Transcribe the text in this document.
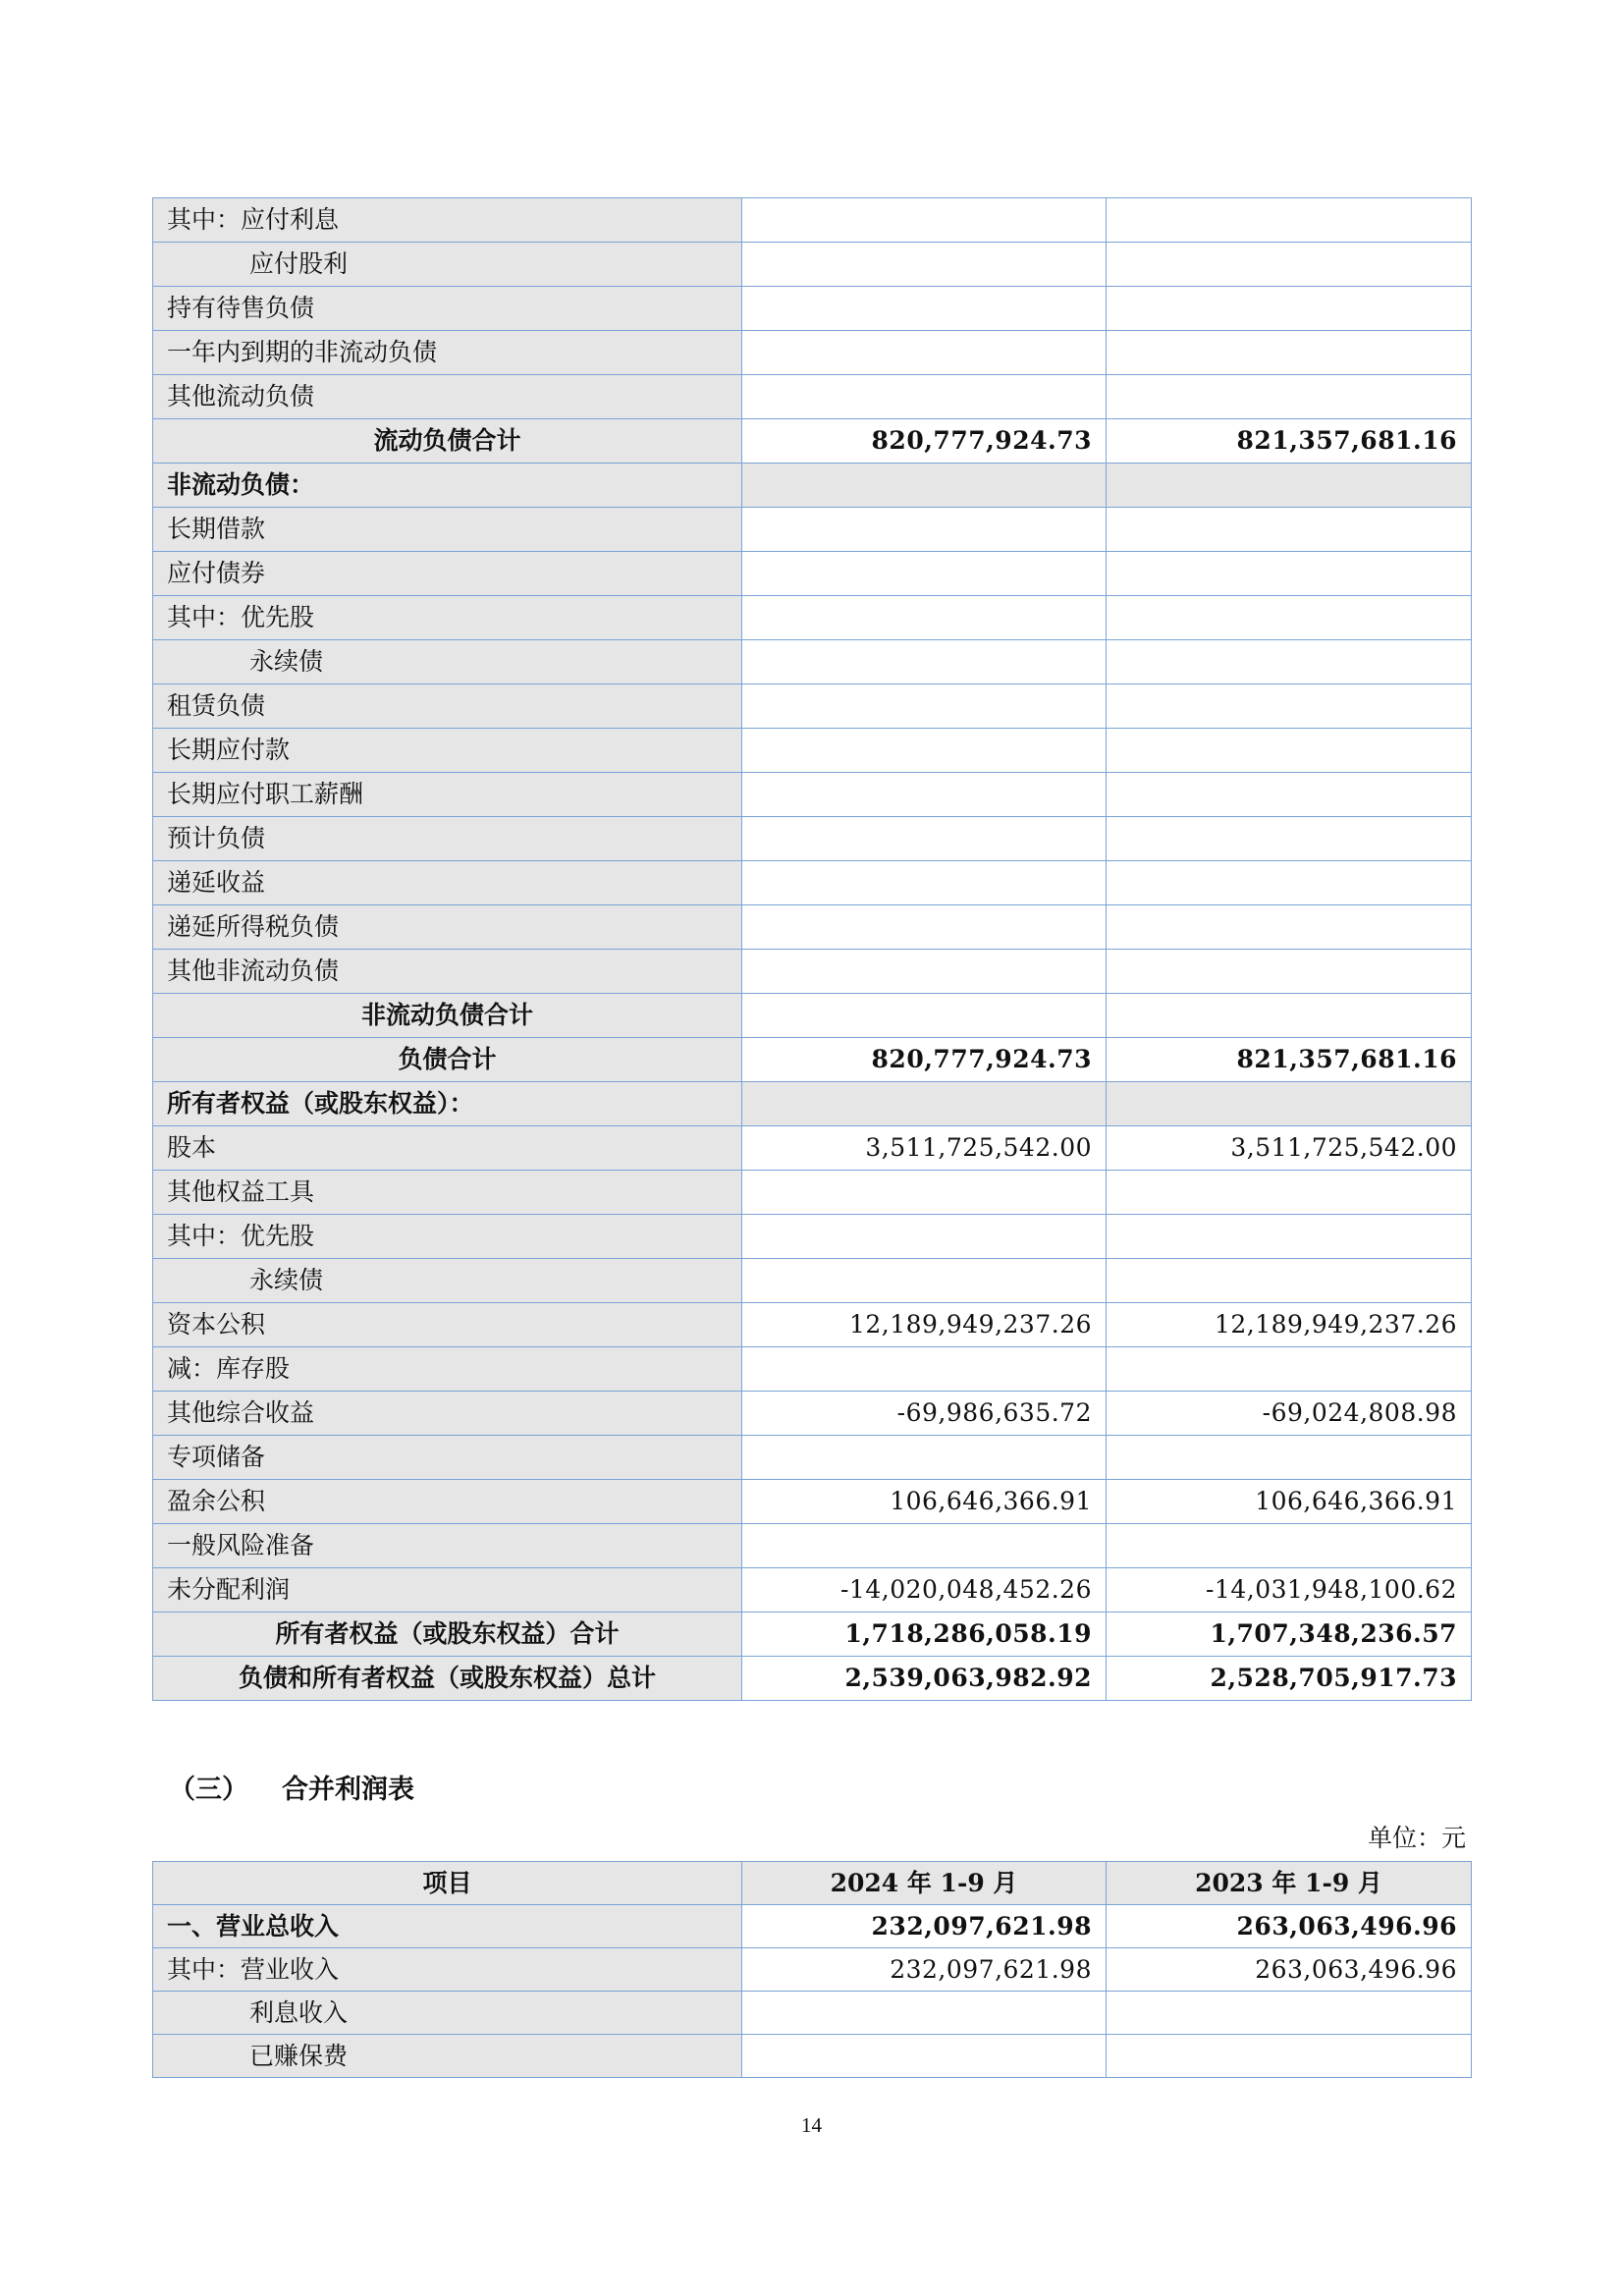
其中：应付利息		
应付股利		
持有待售负债		
一年内到期的非流动负债		
其他流动负债		
流动负债合计	820,777,924.73	821,357,681.16
非流动负债：		
长期借款		
应付债券		
其中：优先股		
永续债		
租赁负债		
长期应付款		
长期应付职工薪酬		
预计负债		
递延收益		
递延所得税负债		
其他非流动负债		
非流动负债合计		
负债合计	820,777,924.73	821,357,681.16
所有者权益（或股东权益）：		
股本	3,511,725,542.00	3,511,725,542.00
其他权益工具		
其中：优先股		
永续债		
资本公积	12,189,949,237.26	12,189,949,237.26
减：库存股		
其他综合收益	-69,986,635.72	-69,024,808.98
专项储备		
盈余公积	106,646,366.91	106,646,366.91
一般风险准备		
未分配利润	-14,020,048,452.26	-14,031,948,100.62
所有者权益（或股东权益）合计	1,718,286,058.19	1,707,348,236.57
负债和所有者权益（或股东权益）总计	2,539,063,982.92	2,528,705,917.73
（三） 合并利润表
单位：元
项目	2024 年 1-9 月	2023 年 1-9 月
一、营业总收入	232,097,621.98	263,063,496.96
其中：营业收入	232,097,621.98	263,063,496.96
利息收入		
已赚保费		
14
